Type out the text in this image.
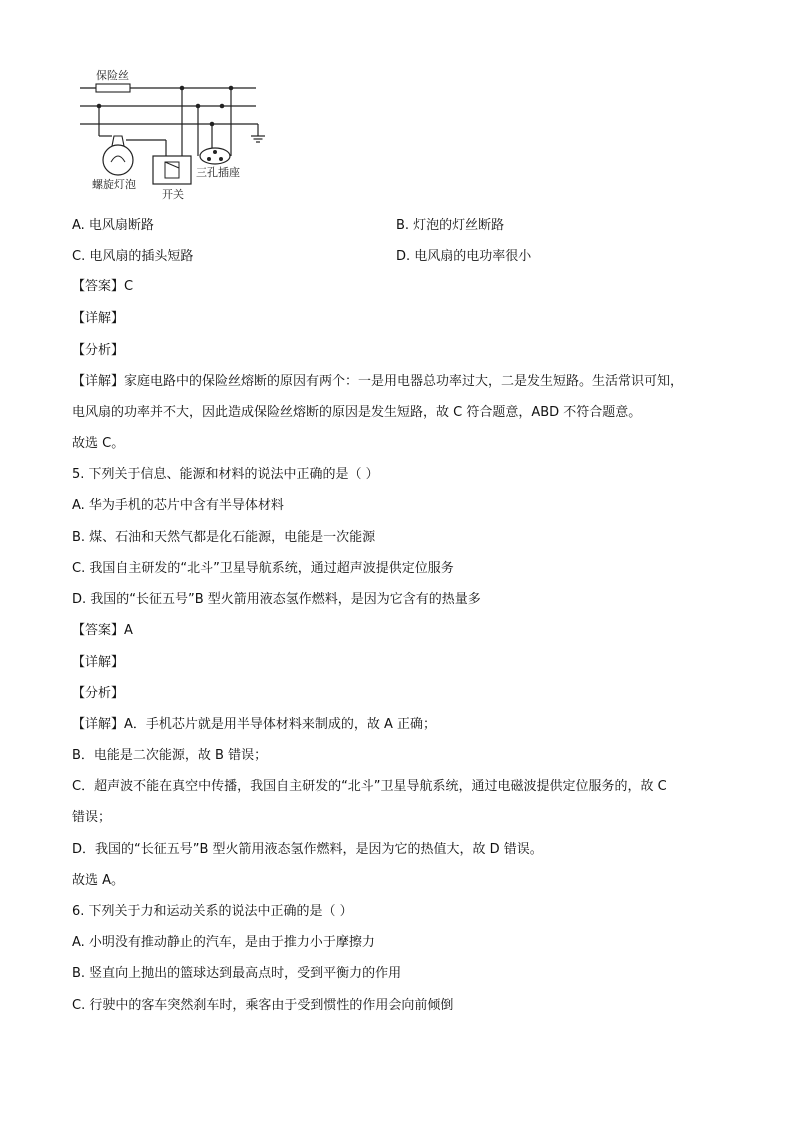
保险丝
螺旋灯泡
开关
三孔插座
A. 电风扇断路	B. 灯泡的灯丝断路
C. 电风扇的插头短路	D. 电风扇的电功率很小
【答案】C
【详解】
【分析】
【详解】家庭电路中的保险丝熔断的原因有两个：一是用电器总功率过大，二是发生短路。生活常识可知，
电风扇的功率并不大，因此造成保险丝熔断的原因是发生短路，故 C 符合题意，ABD 不符合题意。
故选 C。
5. 下列关于信息、能源和材料的说法中正确的是（ ）
A. 华为手机的芯片中含有半导体材料
B. 煤、石油和天然气都是化石能源，电能是一次能源
C. 我国自主研发的“北斗”卫星导航系统，通过超声波提供定位服务
D. 我国的“长征五号”B 型火箭用液态氢作燃料，是因为它含有的热量多
【答案】A
【详解】
【分析】
【详解】A．手机芯片就是用半导体材料来制成的，故 A 正确；
B．电能是二次能源，故 B 错误；
C．超声波不能在真空中传播，我国自主研发的“北斗”卫星导航系统，通过电磁波提供定位服务的，故 C
错误；
D．我国的“长征五号”B 型火箭用液态氢作燃料，是因为它的热值大，故 D 错误。
故选 A。
6. 下列关于力和运动关系的说法中正确的是（ ）
A. 小明没有推动静止的汽车，是由于推力小于摩擦力
B. 竖直向上抛出的篮球达到最高点时，受到平衡力的作用
C. 行驶中的客车突然刹车时，乘客由于受到惯性的作用会向前倾倒
